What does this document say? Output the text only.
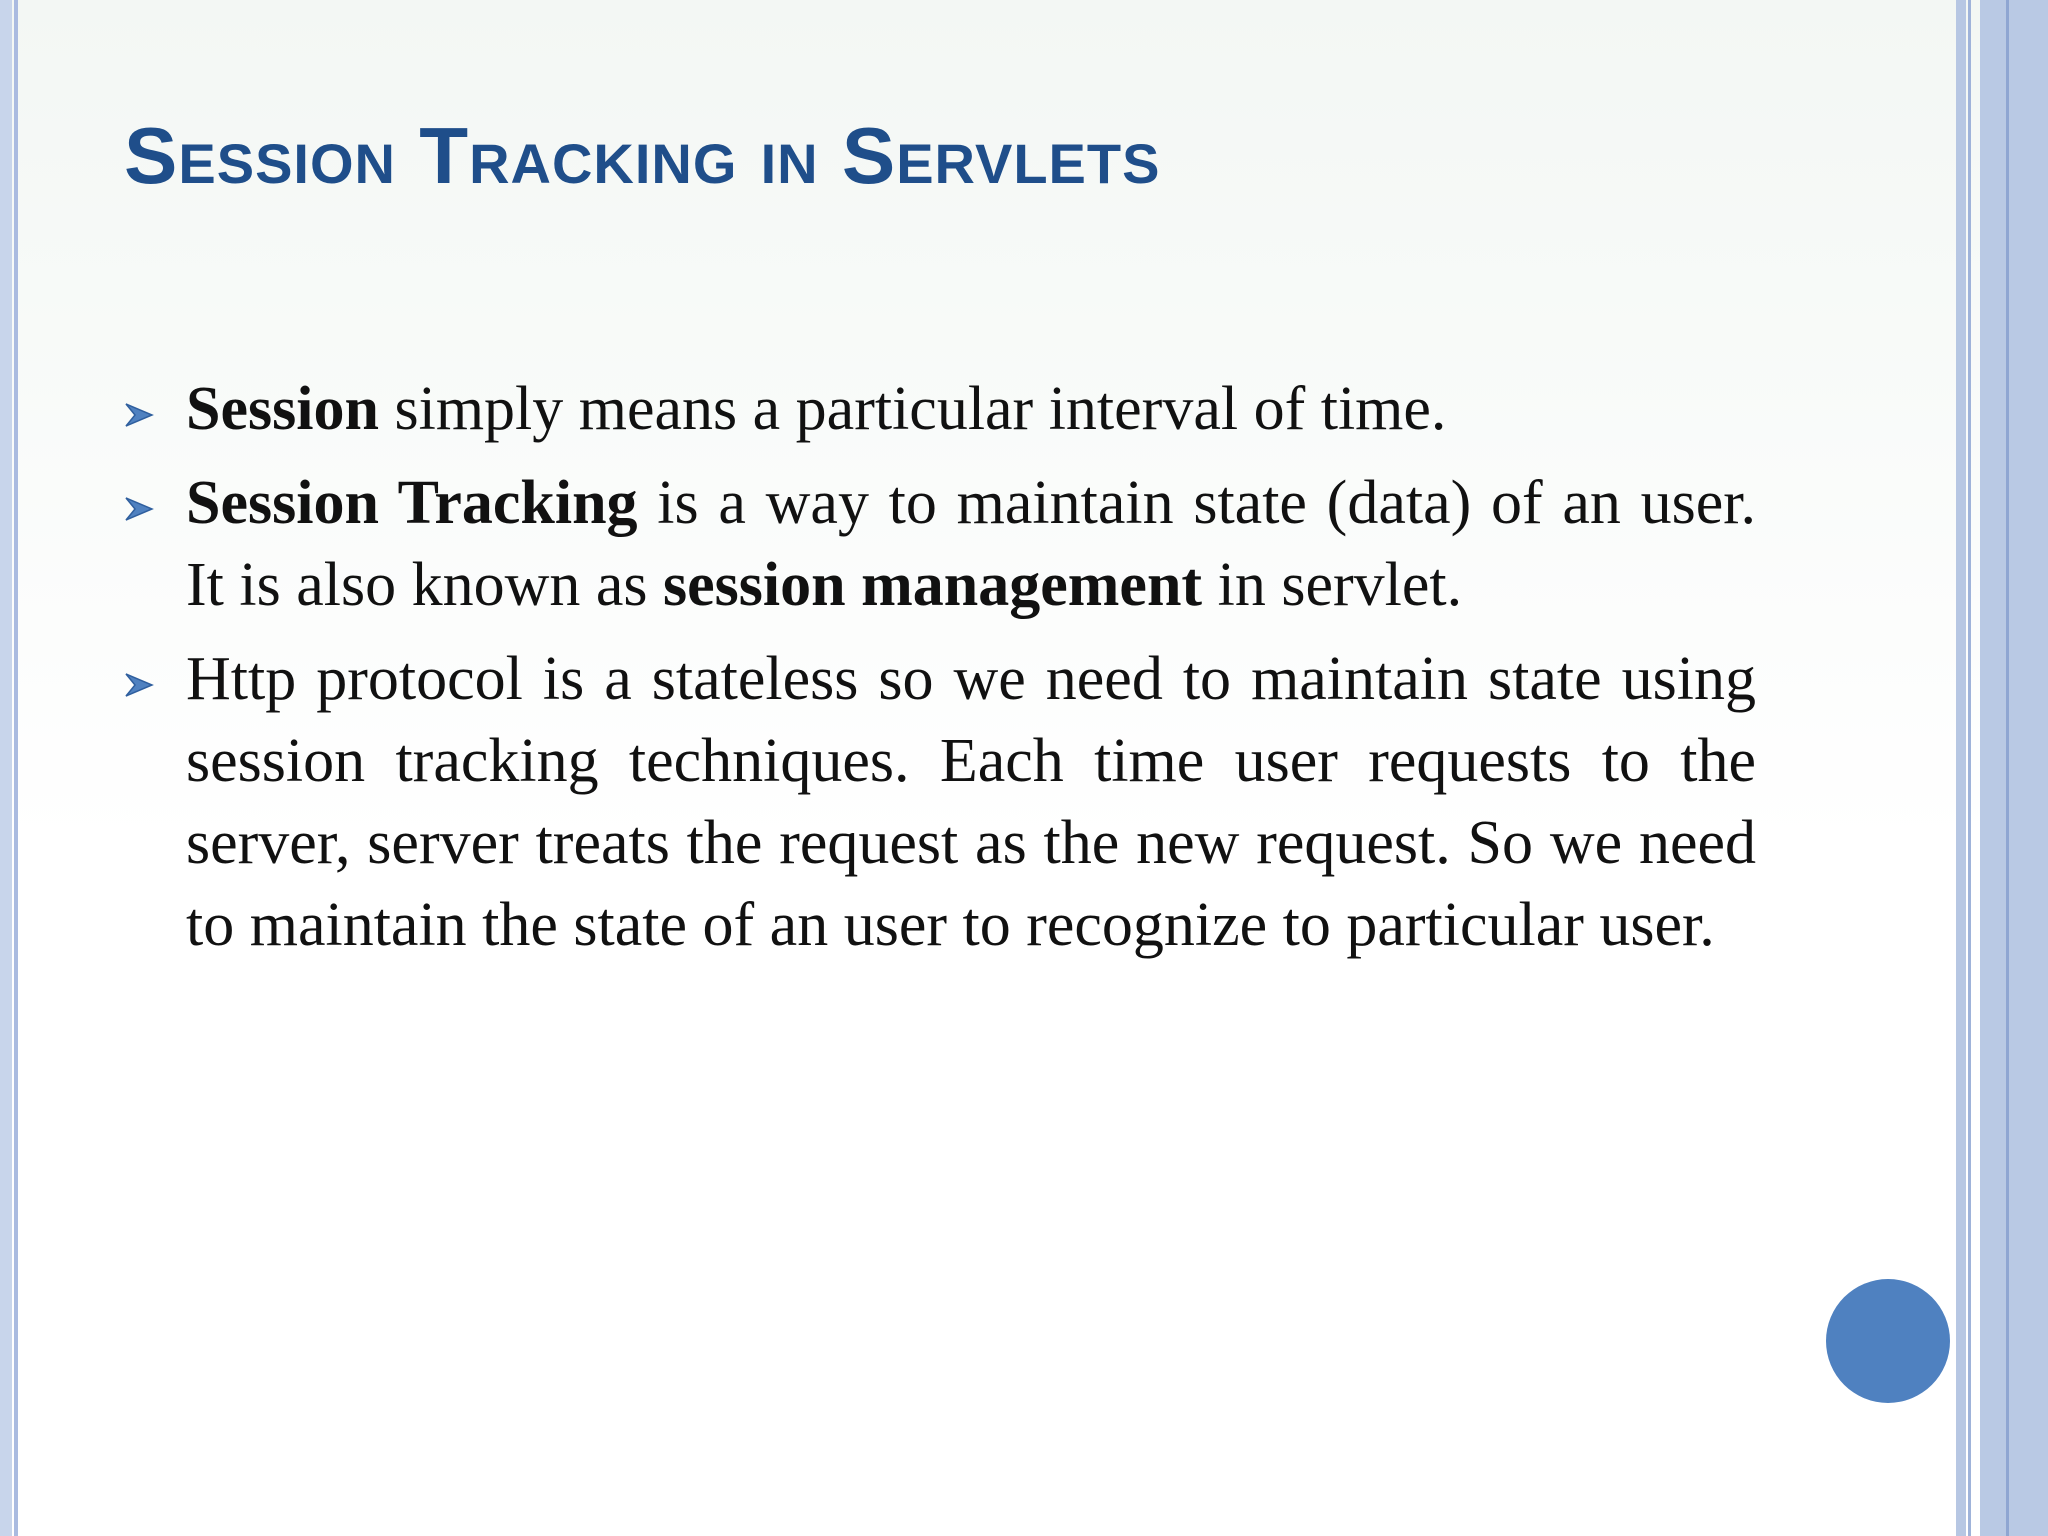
Session Tracking in Servlets
Session simply means a particular interval of time.
Session Tracking is a way to maintain state (data) of an user. It is also known as session management in servlet.
Http protocol is a stateless so we need to maintain state using session tracking techniques. Each time user requests to the server, server treats the request as the new request. So we need to maintain the state of an user to recognize to particular user.
